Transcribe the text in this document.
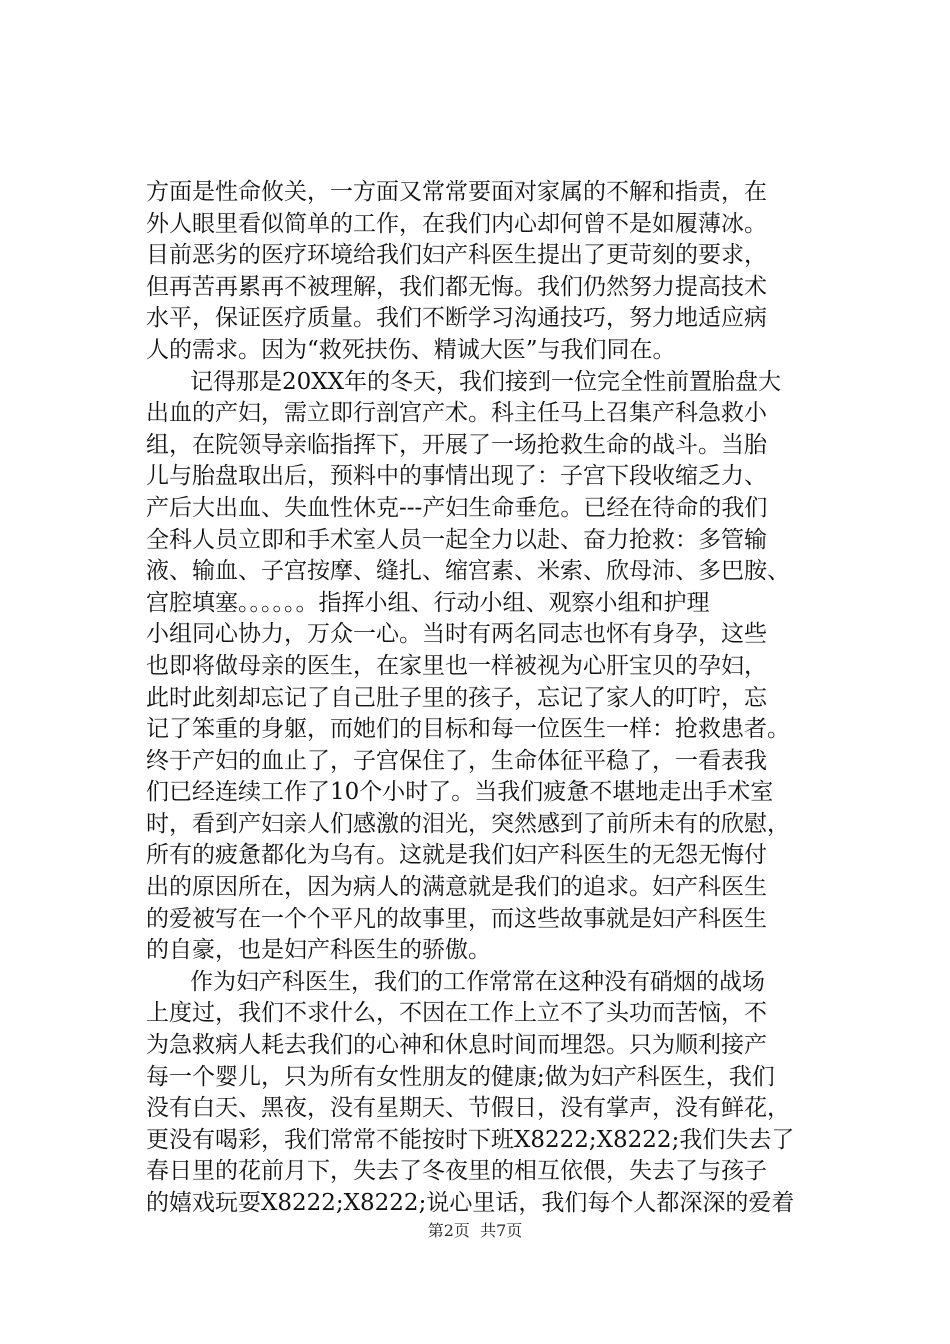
方面是性命攸关，一方面又常常要面对家属的不解和指责，在
外人眼里看似简单的工作，在我们内心却何曾不是如履薄冰。
目前恶劣的医疗环境给我们妇产科医生提出了更苛刻的要求，
但再苦再累再不被理解，我们都无悔。我们仍然努力提高技术
水平，保证医疗质量。我们不断学习沟通技巧，努力地适应病
人的需求。因为“救死扶伤、精诚大医”与我们同在。

记得那是20XX年的冬天，我们接到一位完全性前置胎盘大
出血的产妇，需立即行剖宫产术。科主任马上召集产科急救小
组，在院领导亲临指挥下，开展了一场抢救生命的战斗。当胎
儿与胎盘取出后，预料中的事情出现了：子宫下段收缩乏力、
产后大出血、失血性休克---产妇生命垂危。已经在待命的我们
全科人员立即和手术室人员一起全力以赴、奋力抢救：多管输
液、输血、子宫按摩、缝扎、缩宫素、米索、欣母沛、多巴胺、
宫腔填塞。。。。。。指挥小组、行动小组、观察小组和护理
小组同心协力，万众一心。当时有两名同志也怀有身孕，这些
也即将做母亲的医生，在家里也一样被视为心肝宝贝的孕妇，
此时此刻却忘记了自己肚子里的孩子，忘记了家人的叮咛，忘
记了笨重的身躯，而她们的目标和每一位医生一样：抢救患者。
终于产妇的血止了，子宫保住了，生命体征平稳了，一看表我
们已经连续工作了10个小时了。当我们疲惫不堪地走出手术室
时，看到产妇亲人们感激的泪光，突然感到了前所未有的欣慰，
所有的疲惫都化为乌有。这就是我们妇产科医生的无怨无悔付
出的原因所在，因为病人的满意就是我们的追求。妇产科医生
的爱被写在一个个平凡的故事里，而这些故事就是妇产科医生
的自豪，也是妇产科医生的骄傲。

作为妇产科医生，我们的工作常常在这种没有硝烟的战场
上度过，我们不求什么，不因在工作上立不了头功而苦恼，不
为急救病人耗去我们的心神和休息时间而埋怨。只为顺利接产
每一个婴儿，只为所有女性朋友的健康;做为妇产科医生，我们
没有白天、黑夜，没有星期天、节假日，没有掌声，没有鲜花，
更没有喝彩，我们常常不能按时下班X8222;X8222;我们失去了
春日里的花前月下，失去了冬夜里的相互依偎，失去了与孩子
的嬉戏玩耍X8222;X8222;说心里话，我们每个人都深深的爱着

第2页  共7页
